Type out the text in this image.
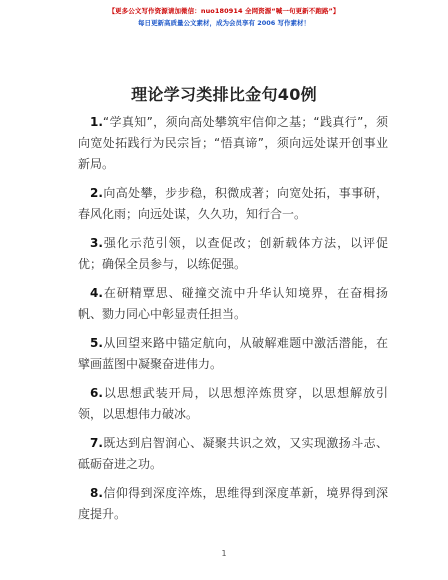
【更多公文写作资源请加微信：nuo180914 全网资源“喊一句更新不跑路”】
每日更新高质量公文素材，成为会员享有 2006 写作素材！
理论学习类排比金句40例

1.“学真知”，须向高处攀筑牢信仰之基；“践真行”，须向宽处拓践行为民宗旨；“悟真谛”，须向远处谋开创事业新局。

2.向高处攀，步步稳，积微成著；向宽处拓，事事研，春风化雨；向远处谋，久久功，知行合一。

3.强化示范引领，以查促改；创新载体方法，以评促优；确保全员参与，以练促强。

4.在研精覃思、碰撞交流中升华认知境界，在奋楫扬帆、勠力同心中彰显责任担当。

5.从回望来路中锚定航向，从破解难题中激活潜能，在擘画蓝图中凝聚奋进伟力。

6.以思想武装开局，以思想淬炼贯穿，以思想解放引领，以思想伟力破冰。

7.既达到启智润心、凝聚共识之效，又实现激扬斗志、砥砺奋进之功。

8.信仰得到深度淬炼，思维得到深度革新，境界得到深度提升。

1
